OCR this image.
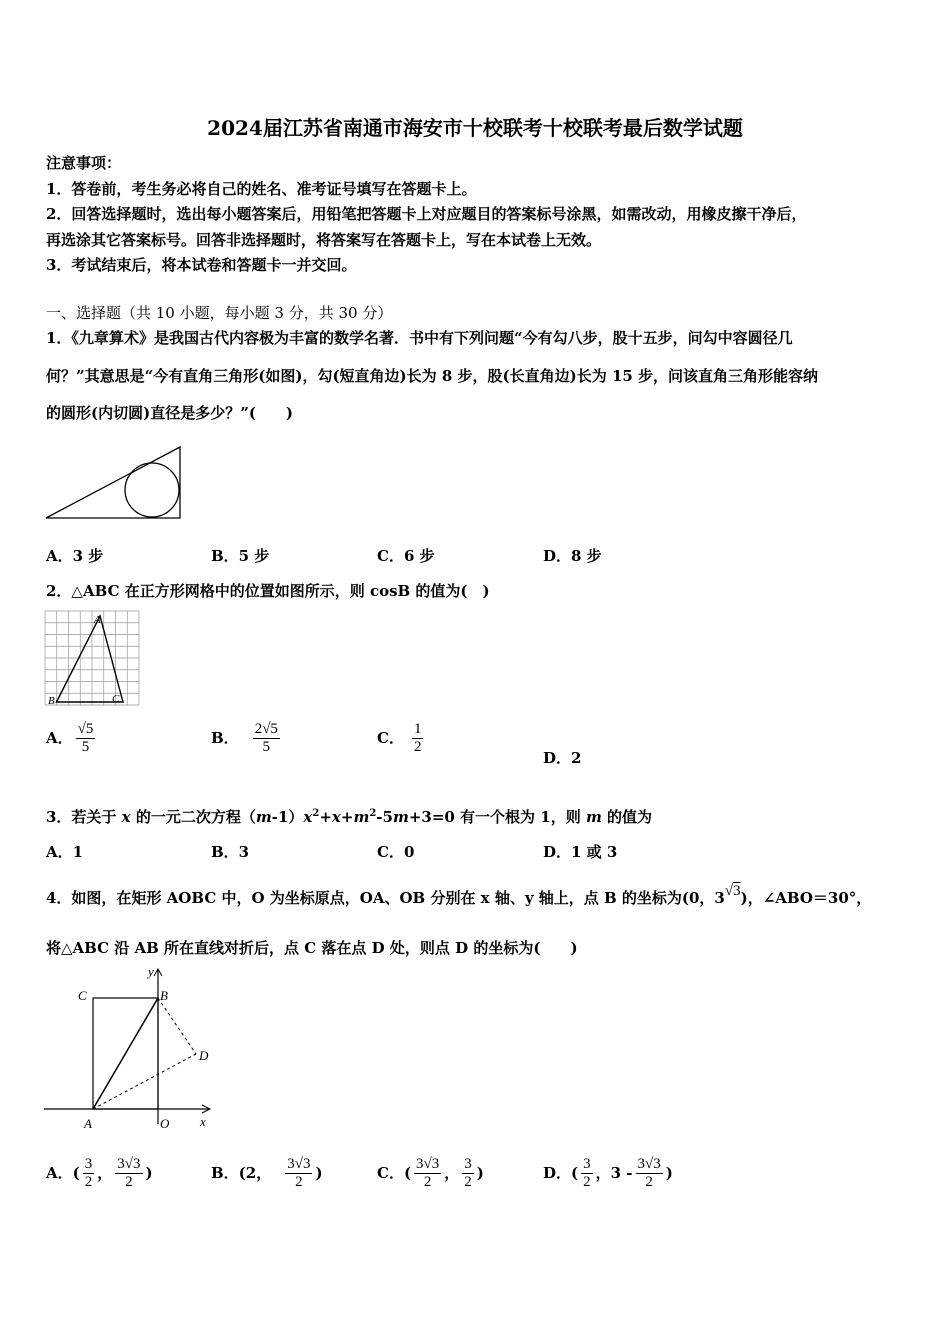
2024届江苏省南通市海安市十校联考十校联考最后数学试题
注意事项：
1．答卷前，考生务必将自己的姓名、准考证号填写在答题卡上。
2．回答选择题时，选出每小题答案后，用铅笔把答题卡上对应题目的答案标号涂黑，如需改动，用橡皮擦干净后，
再选涂其它答案标号。回答非选择题时，将答案写在答题卡上，写在本试卷上无效。
3．考试结束后，将本试卷和答题卡一并交回。
一、选择题（共 10 小题，每小题 3 分，共 30 分）
1．《九章算术》是我国古代内容极为丰富的数学名著．书中有下列问题“今有勾八步，股十五步，问勾中容圆径几
何？”其意思是“今有直角三角形(如图)，勾(短直角边)长为 8 步，股(长直角边)长为 15 步，问该直角三角形能容纳
的圆形(内切圆)直径是多少？”(　　)
A．3 步	B．5 步	C．6 步	D．8 步
2．△ABC 在正方形网格中的位置如图所示，则 cosB 的值为(　)
A
B	C
A． $\frac{√5}{5}$	B． $\frac{2√5}{5}$	C． $\frac{1}{2}$
D．2
3．若关于 x 的一元二次方程$(m-1)x^2+x+m^2-5m+3=0$ 有一个根为 1，则 m 的值为
A．1	B．3	C．0	D．1 或 3
4．如图，在矩形 AOBC 中，O 为坐标原点，OA、OB 分别在 x 轴、y 轴上，点 B 的坐标为(0，3√3)，∠ABO＝30°，
将△ABC 沿 AB 所在直线对折后，点 C 落在点 D 处，则点 D 的坐标为(　　)
y
C	B
D
A	O x
A．( $\frac{3}{2}$ ， $\frac{3√3}{2}$ )	B．(2， $\frac{3√3}{2}$ )	C．( $\frac{3√3}{2}$ ， $\frac{3}{2}$ )	D．( $\frac{3}{2}$ ，$3 - \frac{3√3}{2}$ )
